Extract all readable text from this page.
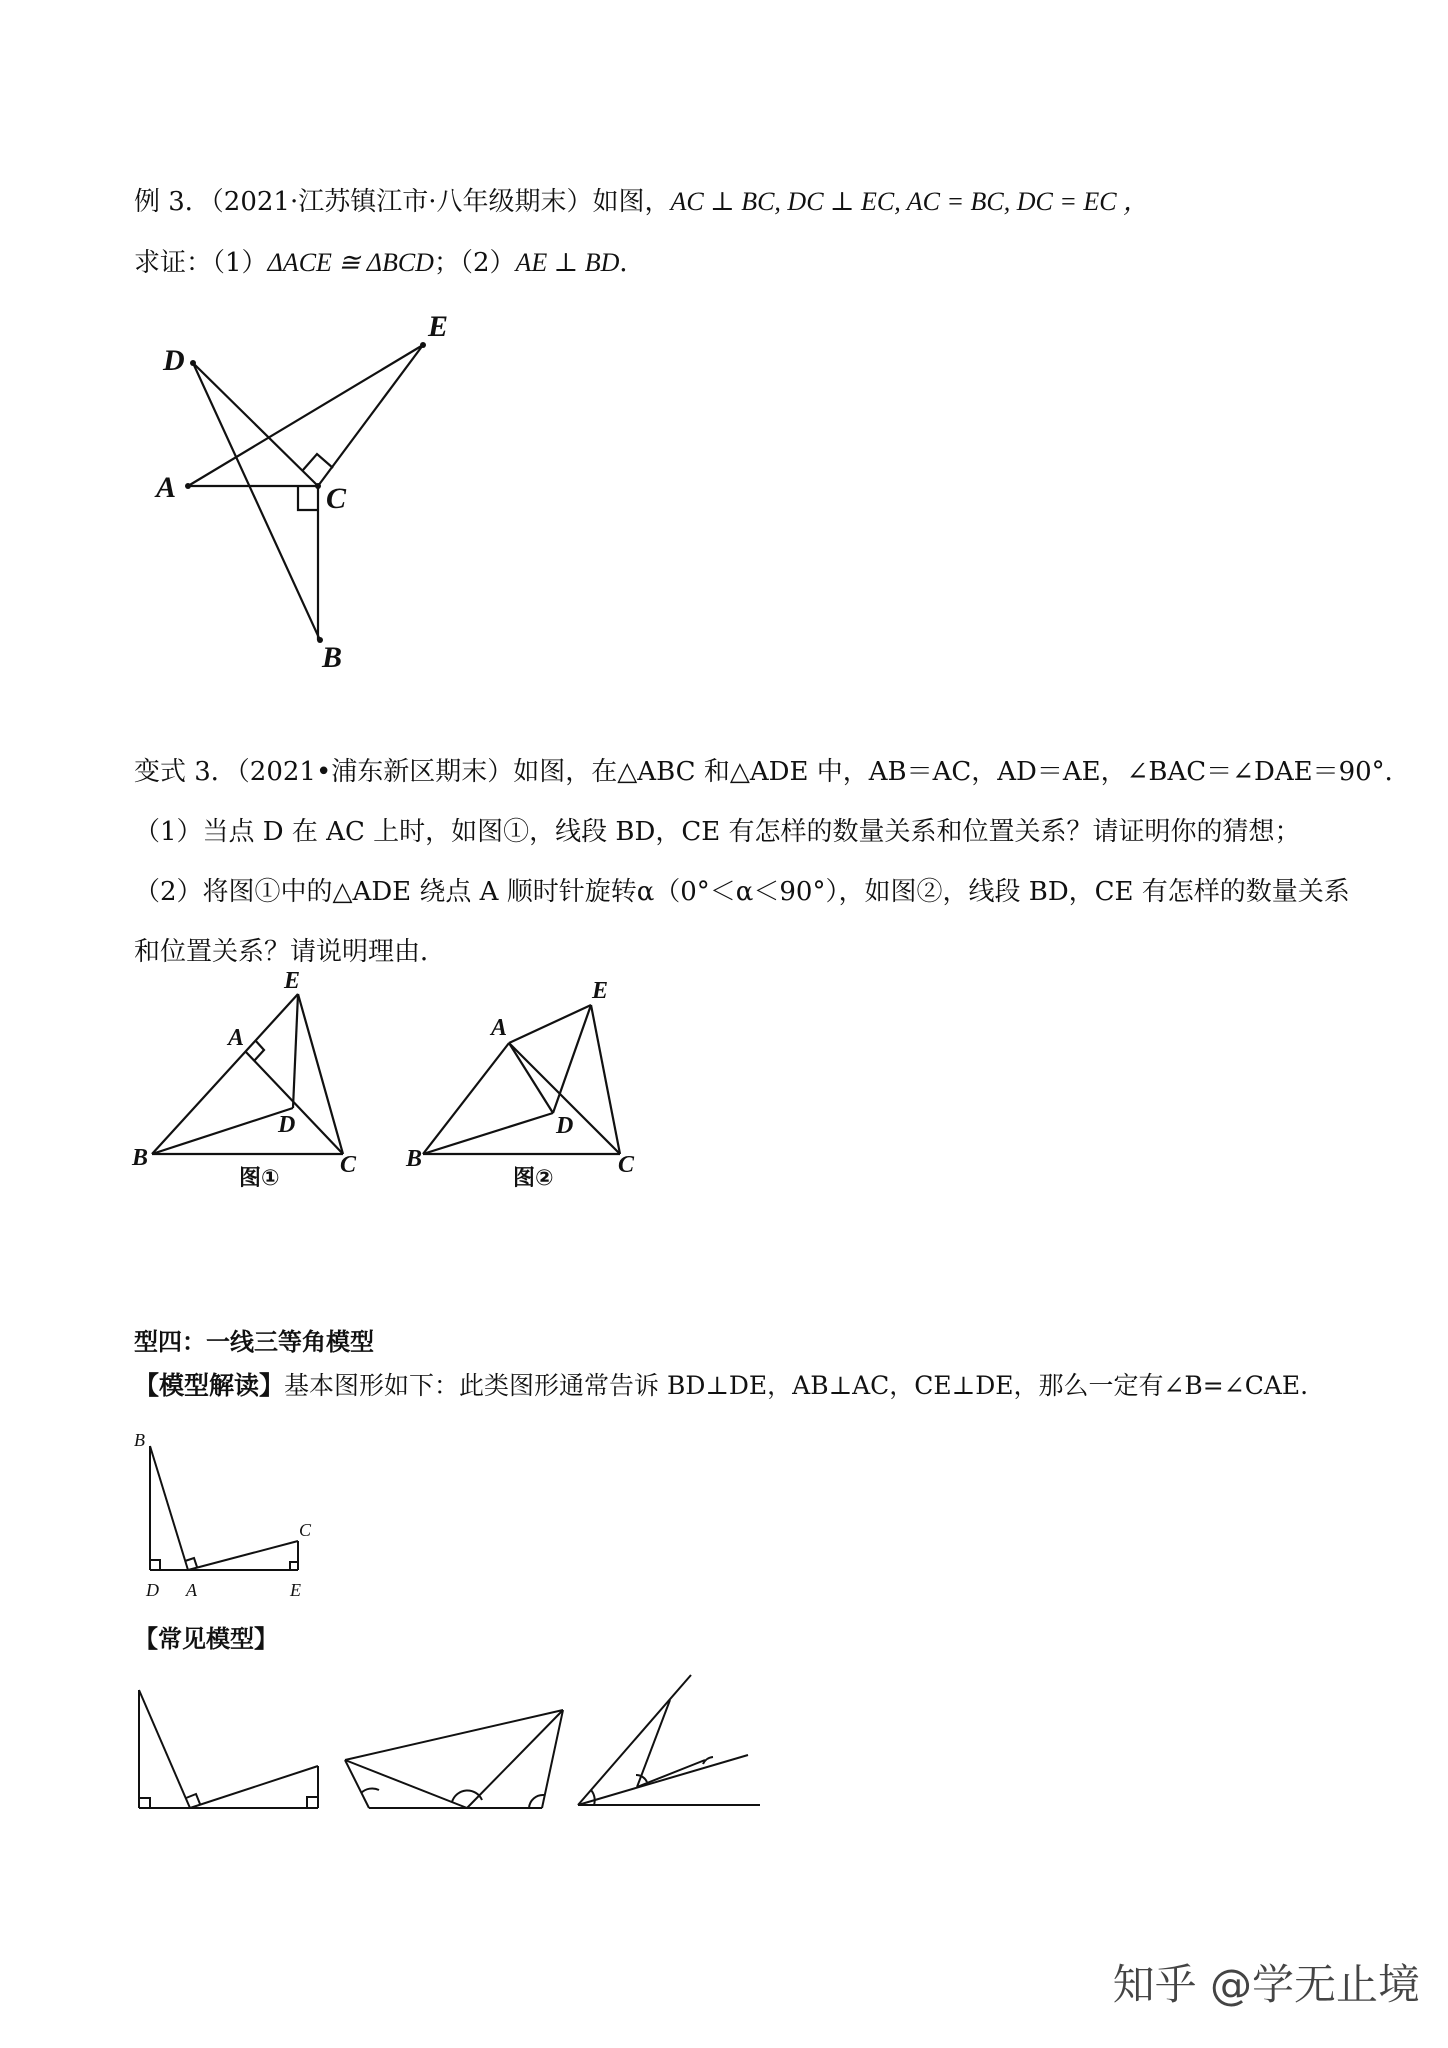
例 3．（2021·江苏镇江市·八年级期末）如图，AC ⊥ BC, DC ⊥ EC, AC = BC, DC = EC ，
求证：（1）ΔACE ≅ ΔBCD；（2）AE ⊥ BD．
D
E
A	C
B
变式 3．（2021•浦东新区期末）如图，在△ABC 和△ADE 中，AB＝AC，AD＝AE，∠BAC＝∠DAE＝90°．
（1）当点 D 在 AC 上时，如图①，线段 BD，CE 有怎样的数量关系和位置关系？请证明你的猜想；
（2）将图①中的△ADE 绕点 A 顺时针旋转α（0°＜α＜90°），如图②，线段 BD，CE 有怎样的数量关系
和位置关系？请说明理由．
A
E
D
B	C
图①
A
E
D
B	C
图②
型四：一线三等角模型
【模型解读】基本图形如下：此类图形通常告诉 BD⊥DE，AB⊥AC，CE⊥DE，那么一定有∠B=∠CAE.
B
C
D A	E
【常见模型】
知乎 @学无止境
